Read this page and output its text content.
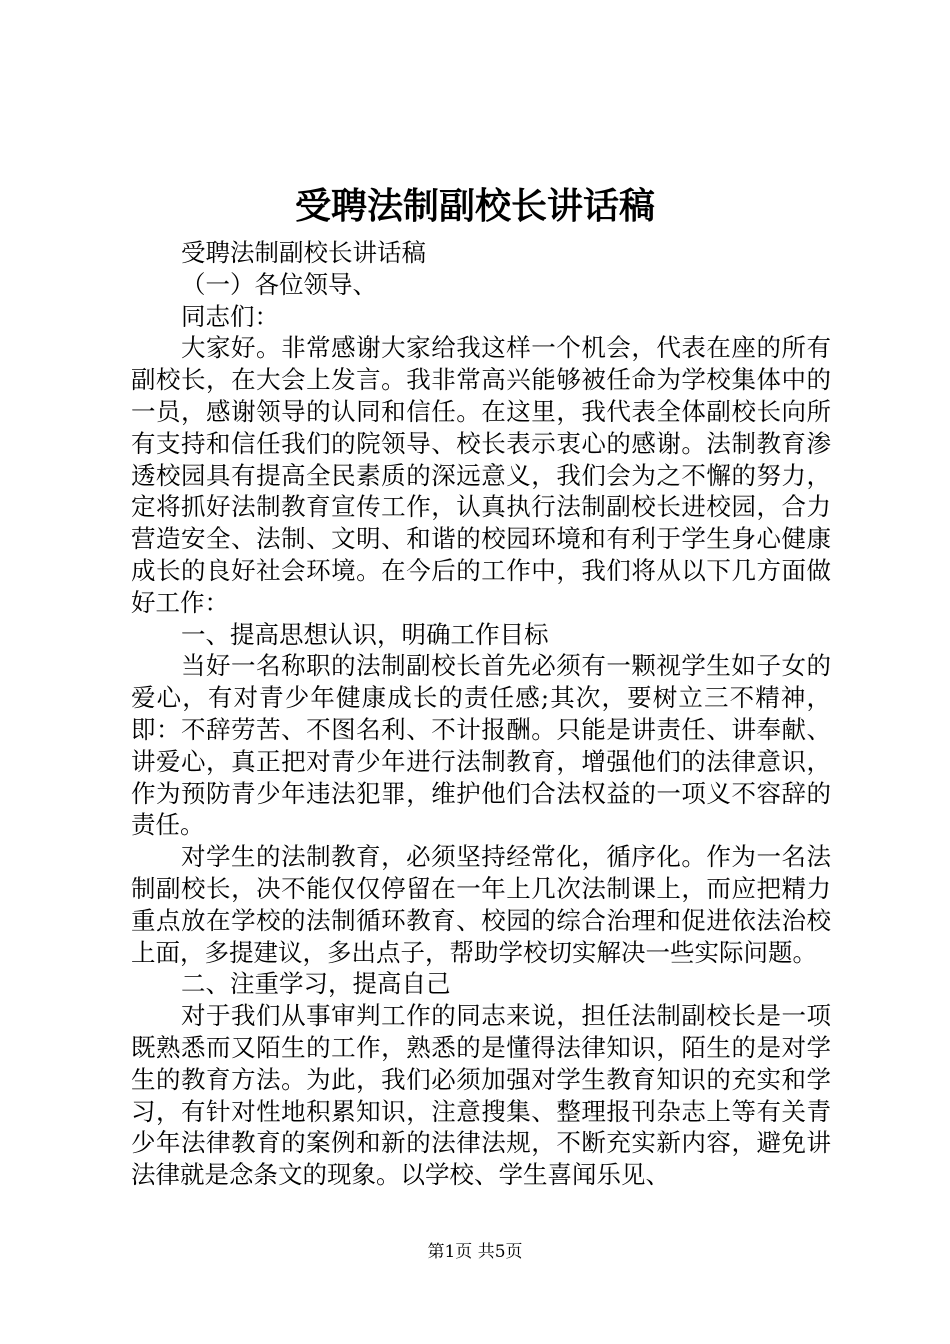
受聘法制副校长讲话稿

受聘法制副校长讲话稿

（一）各位领导、

同志们：

大家好。非常感谢大家给我这样一个机会，代表在座的所有副校长，在大会上发言。我非常高兴能够被任命为学校集体中的一员，感谢领导的认同和信任。在这里，我代表全体副校长向所有支持和信任我们的院领导、校长表示衷心的感谢。法制教育渗透校园具有提高全民素质的深远意义，我们会为之不懈的努力，定将抓好法制教育宣传工作，认真执行法制副校长进校园，合力营造安全、法制、文明、和谐的校园环境和有利于学生身心健康成长的良好社会环境。在今后的工作中，我们将从以下几方面做好工作：

一、提高思想认识，明确工作目标

当好一名称职的法制副校长首先必须有一颗视学生如子女的爱心，有对青少年健康成长的责任感;其次，要树立三不精神，即：不辞劳苦、不图名利、不计报酬。只能是讲责任、讲奉献、讲爱心，真正把对青少年进行法制教育，增强他们的法律意识，作为预防青少年违法犯罪，维护他们合法权益的一项义不容辞的责任。

对学生的法制教育，必须坚持经常化，循序化。作为一名法制副校长，决不能仅仅停留在一年上几次法制课上，而应把精力重点放在学校的法制循环教育、校园的综合治理和促进依法治校上面，多提建议，多出点子，帮助学校切实解决一些实际问题。

二、注重学习，提高自己

对于我们从事审判工作的同志来说，担任法制副校长是一项既熟悉而又陌生的工作，熟悉的是懂得法律知识，陌生的是对学生的教育方法。为此，我们必须加强对学生教育知识的充实和学习，有针对性地积累知识，注意搜集、整理报刊杂志上等有关青少年法律教育的案例和新的法律法规，不断充实新内容，避免讲法律就是念条文的现象。以学校、学生喜闻乐见、

第1页 共5页
